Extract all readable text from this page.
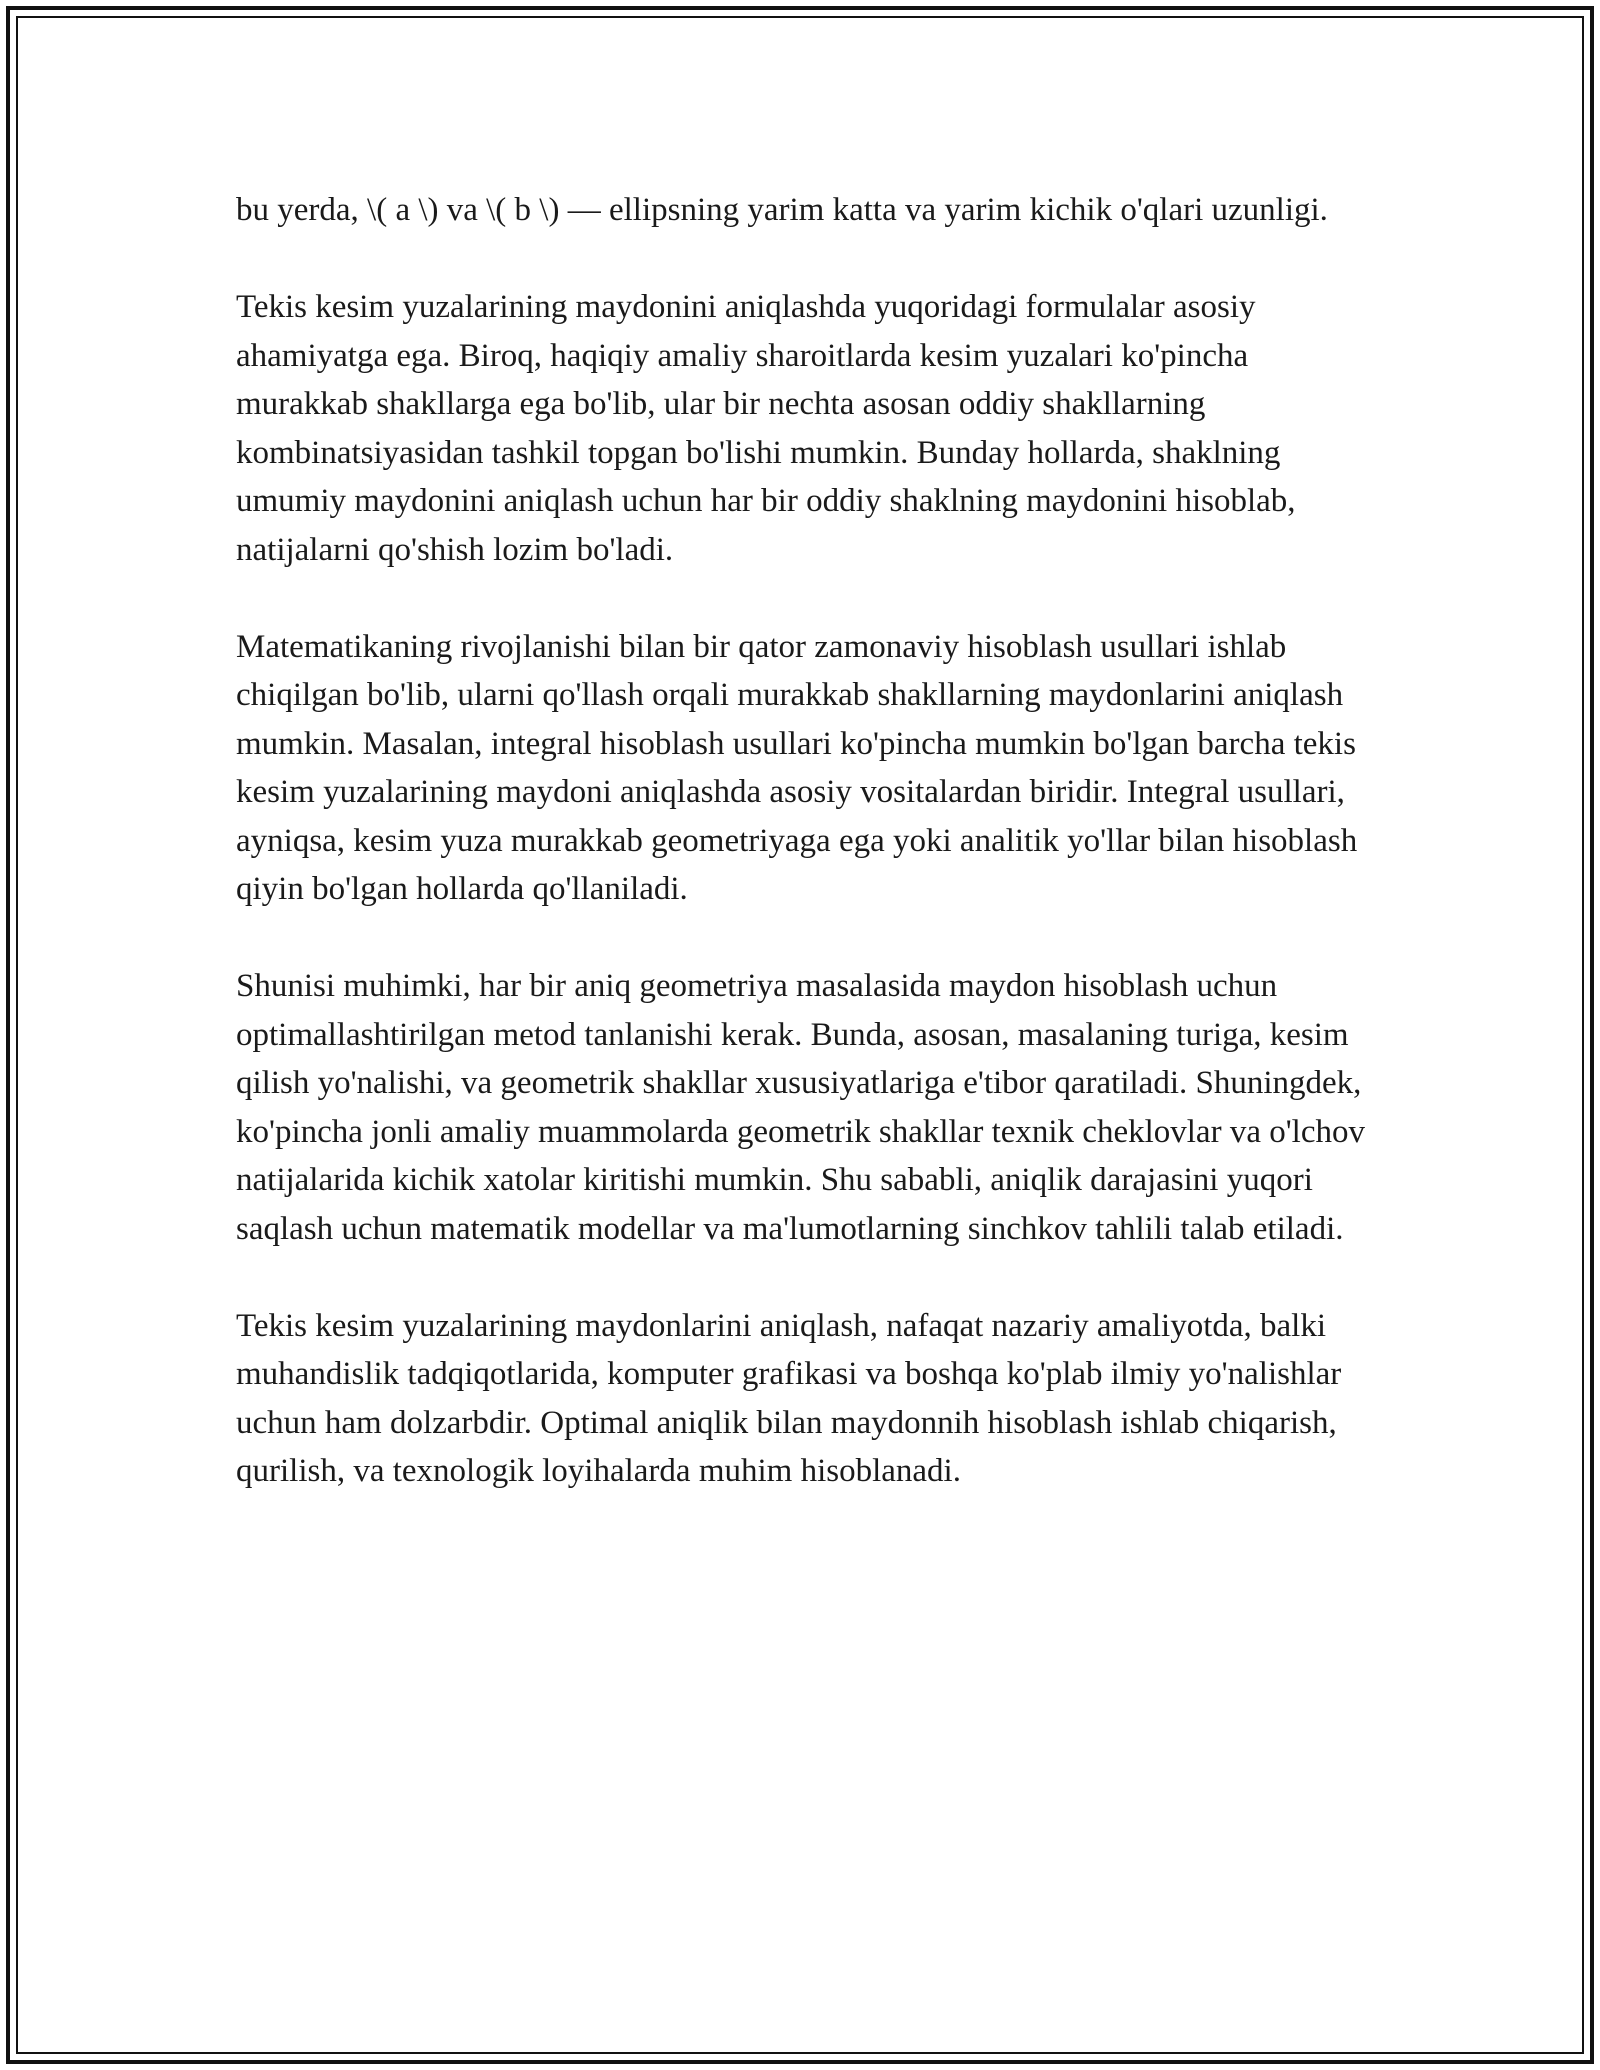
bu yerda, \( a \) va \( b \) — ellipsning yarim katta va yarim kichik o'qlari uzunligi.

Tekis kesim yuzalarining maydonini aniqlashda yuqoridagi formulalar asosiy ahamiyatga ega. Biroq, haqiqiy amaliy sharoitlarda kesim yuzalari ko'pincha murakkab shakllarga ega bo'lib, ular bir nechta asosan oddiy shakllarning kombinatsiyasidan tashkil topgan bo'lishi mumkin. Bunday hollarda, shaklning umumiy maydonini aniqlash uchun har bir oddiy shaklning maydonini hisoblab, natijalarni qo'shish lozim bo'ladi.

Matematikaning rivojlanishi bilan bir qator zamonaviy hisoblash usullari ishlab chiqilgan bo'lib, ularni qo'llash orqali murakkab shakllarning maydonlarini aniqlash mumkin. Masalan, integral hisoblash usullari ko'pincha mumkin bo'lgan barcha tekis kesim yuzalarining maydoni aniqlashda asosiy vositalardan biridir. Integral usullari, ayniqsa, kesim yuza murakkab geometriyaga ega yoki analitik yo'llar bilan hisoblash qiyin bo'lgan hollarda qo'llaniladi.

Shunisi muhimki, har bir aniq geometriya masalasida maydon hisoblash uchun optimallashtirilgan metod tanlanishi kerak. Bunda, asosan, masalaning turiga, kesim qilish yo'nalishi, va geometrik shakllar xususiyatlariga e'tibor qaratiladi. Shuningdek, ko'pincha jonli amaliy muammolarda geometrik shakllar texnik cheklovlar va o'lchov natijalarida kichik xatolar kiritishi mumkin. Shu sababli, aniqlik darajasini yuqori saqlash uchun matematik modellar va ma'lumotlarning sinchkov tahlili talab etiladi.

Tekis kesim yuzalarining maydonlarini aniqlash, nafaqat nazariy amaliyotda, balki muhandislik tadqiqotlarida, komputer grafikasi va boshqa ko'plab ilmiy yo'nalishlar uchun ham dolzarbdir. Optimal aniqlik bilan maydonnih hisoblash ishlab chiqarish, qurilish, va texnologik loyihalarda muhim hisoblanadi.
